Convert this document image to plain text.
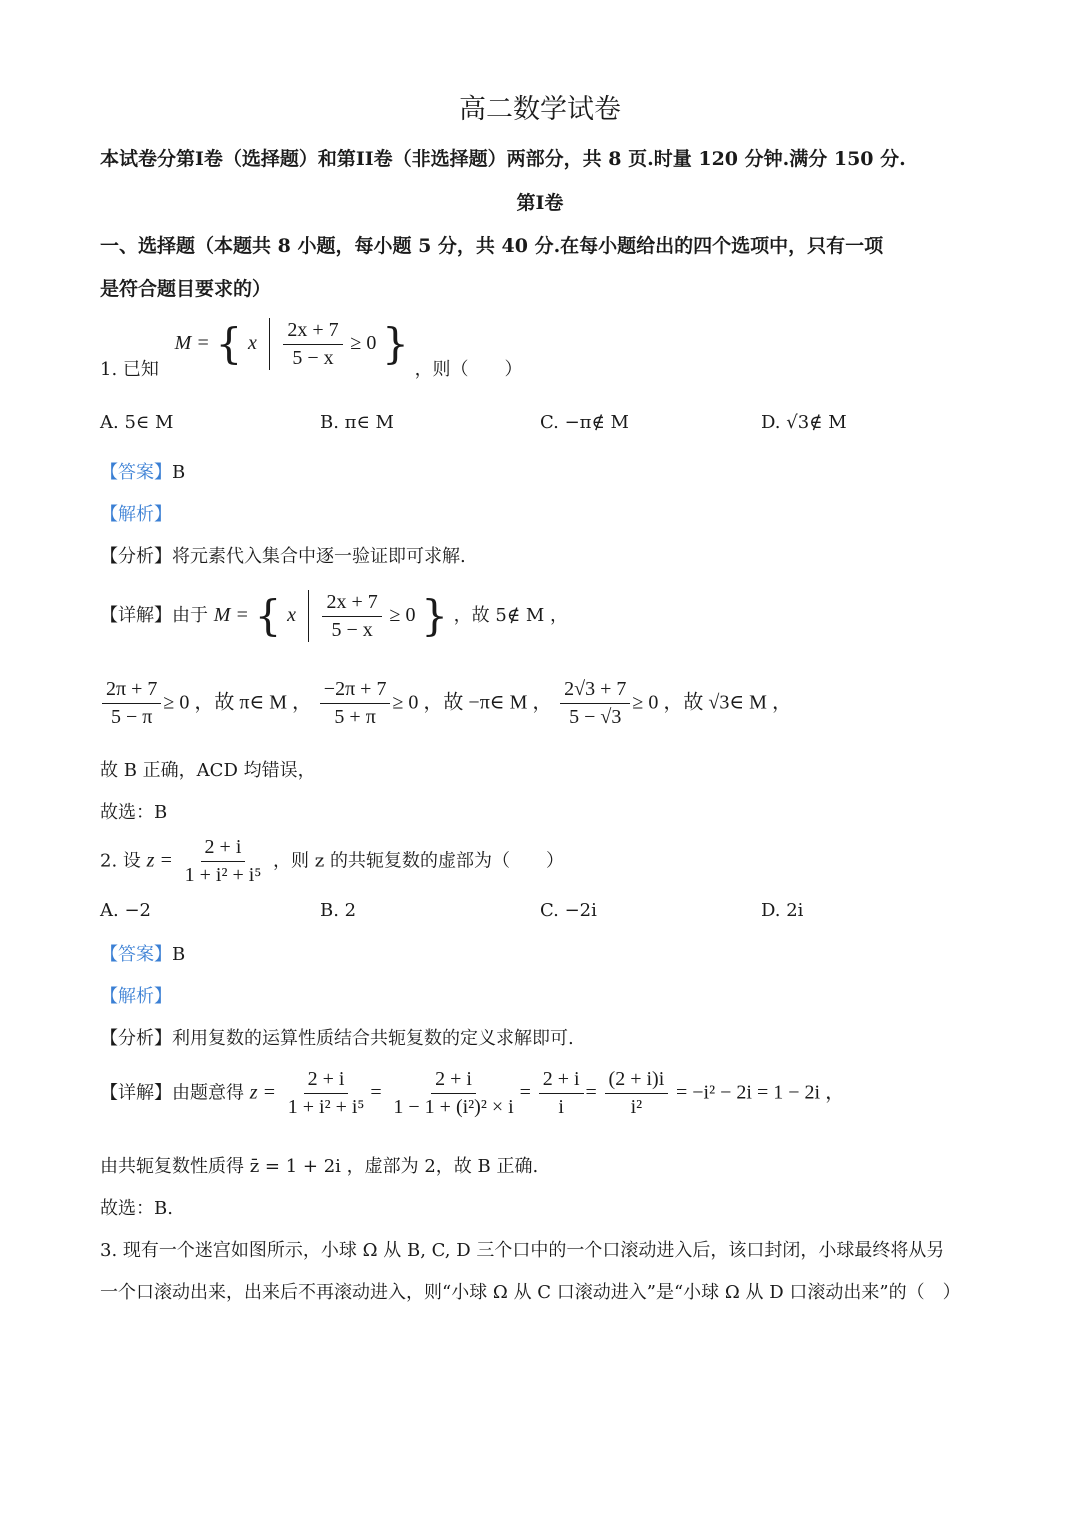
高二数学试卷
本试卷分第I卷（选择题）和第II卷（非选择题）两部分，共 8 页.时量 120 分钟.满分 150 分.
第I卷
一、选择题（本题共 8 小题，每小题 5 分，共 40 分.在每小题给出的四个选项中，只有一项
是符合题目要求的）
1. 已知 M = { x $\frac{2x + 7}{5 - x} \ge 0$ } ，则（　　）
A. 5∈ M	B. π∈ M	C. −π∉ M	D. √3∉ M
【答案】B
【解析】
【分析】将元素代入集合中逐一验证即可求解.
【详解】由于 M = { x $\frac{2x + 7}{5 - x} \ge 0$ } ，故 5∉ M ，
$\frac{2\pi + 7}{5 - \pi} \ge 0$ ，故 π∈ M ， $\frac{-2\pi + 7}{5 + \pi} \ge 0$ ，故 −π∈ M ， $\frac{2√3 + 7}{5 - √3} \ge 0$ ，故 √3∈ M ，
故 B 正确，ACD 均错误，
故选：B
2. 设 $z = \frac{2 + i}{\text{1 + i² + i⁵}}$ ，则 z 的共轭复数的虚部为（　　）
A. −2	B. 2	C. −2i	D. 2i
【答案】B
【解析】
【分析】利用复数的运算性质结合共轭复数的定义求解即可.
【详解】由题意得 $z = \frac{2 + i}{\text{1 + i² + i⁵}} = \frac{2 + i}{\text{1 − 1 + (i²)² × i}} = \frac{2 + i}{i} = \frac{(2 + i)i}{\text{i²}} = -i^2 - 2i = 1 - 2i$ ，
由共轭复数性质得 z̄ = 1 + 2i ，虚部为 2，故 B 正确.
故选：B.
3. 现有一个迷宫如图所示，小球 Ω 从 B, C, D 三个口中的一个口滚动进入后，该口封闭，小球最终将从另
一个口滚动出来，出来后不再滚动进入，则“小球 Ω 从 C 口滚动进入”是“小球 Ω 从 D 口滚动出来”的（　）
